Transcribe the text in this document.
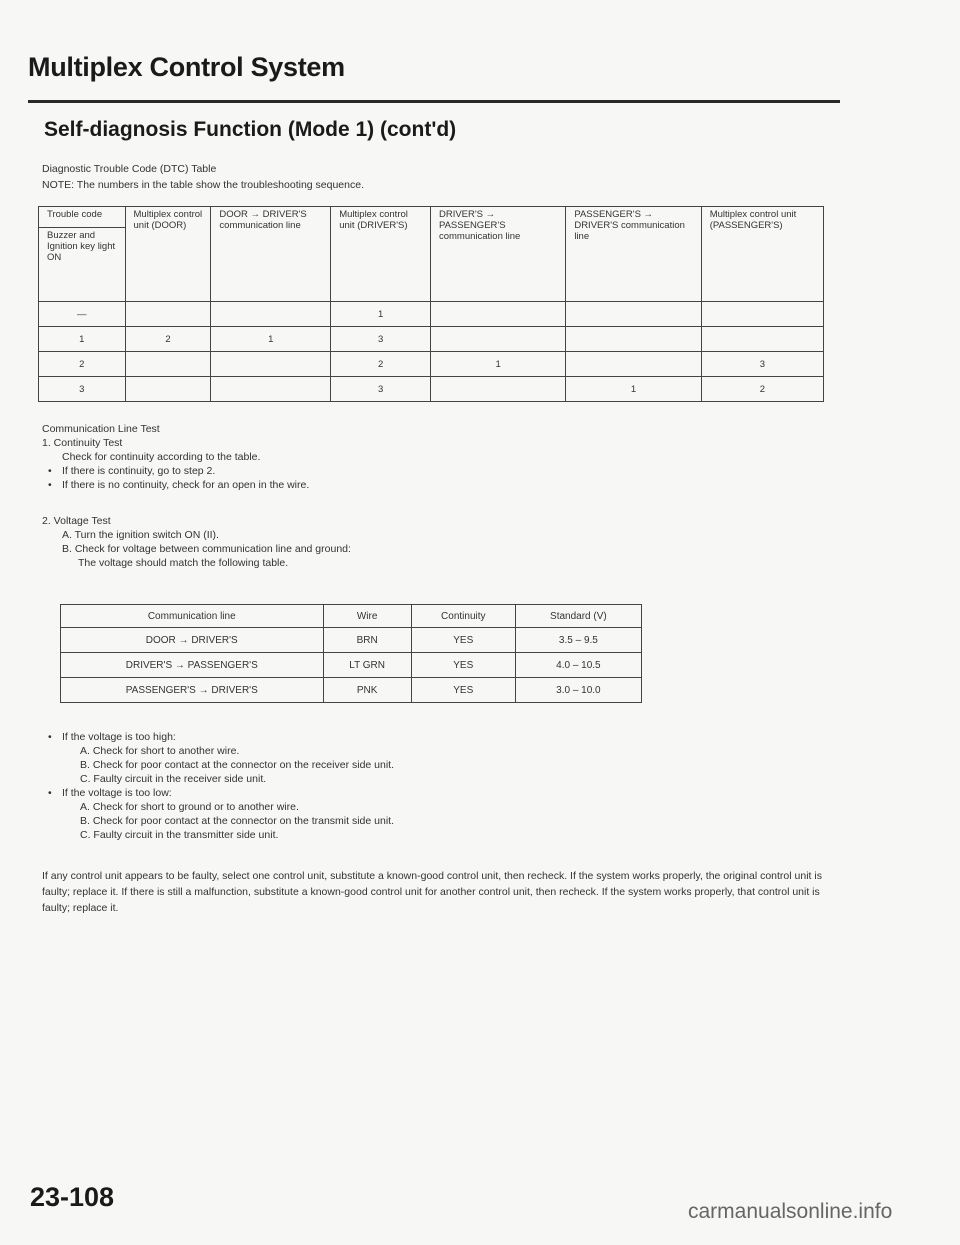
Multiplex Control System
Self-diagnosis Function (Mode 1) (cont'd)
Diagnostic Trouble Code (DTC) Table
NOTE: The numbers in the table show the troubleshooting sequence.
Trouble code
Buzzer and Ignition key light ON	Multiplex control unit (DOOR)	DOOR → DRIVER'S communication line	Multiplex control unit (DRIVER'S)	DRIVER'S → PASSENGER'S communication line	PASSENGER'S → DRIVER'S communication line	Multiplex control unit (PASSENGER'S)
—			1			
1	2	1	3			
2			2	1		3
3			3		1	2
Communication Line Test
1. Continuity Test
Check for continuity according to the table.
• If there is continuity, go to step 2.
• If there is no continuity, check for an open in the wire.
2. Voltage Test
A. Turn the ignition switch ON (II).
B. Check for voltage between communication line and ground:
The voltage should match the following table.
Communication line	Wire	Continuity	Standard (V)
DOOR → DRIVER'S	BRN	YES	3.5 – 9.5
DRIVER'S → PASSENGER'S	LT GRN	YES	4.0 – 10.5
PASSENGER'S → DRIVER'S	PNK	YES	3.0 – 10.0
• If the voltage is too high:
A. Check for short to another wire.
B. Check for poor contact at the connector on the receiver side unit.
C. Faulty circuit in the receiver side unit.
• If the voltage is too low:
A. Check for short to ground or to another wire.
B. Check for poor contact at the connector on the transmit side unit.
C. Faulty circuit in the transmitter side unit.
If any control unit appears to be faulty, select one control unit, substitute a known-good control unit, then recheck. If the system works properly, the original control unit is faulty; replace it. If there is still a malfunction, substitute a known-good control unit for another control unit, then recheck. If the system works properly, that control unit is faulty; replace it.
23-108	carmanualsonline.info
